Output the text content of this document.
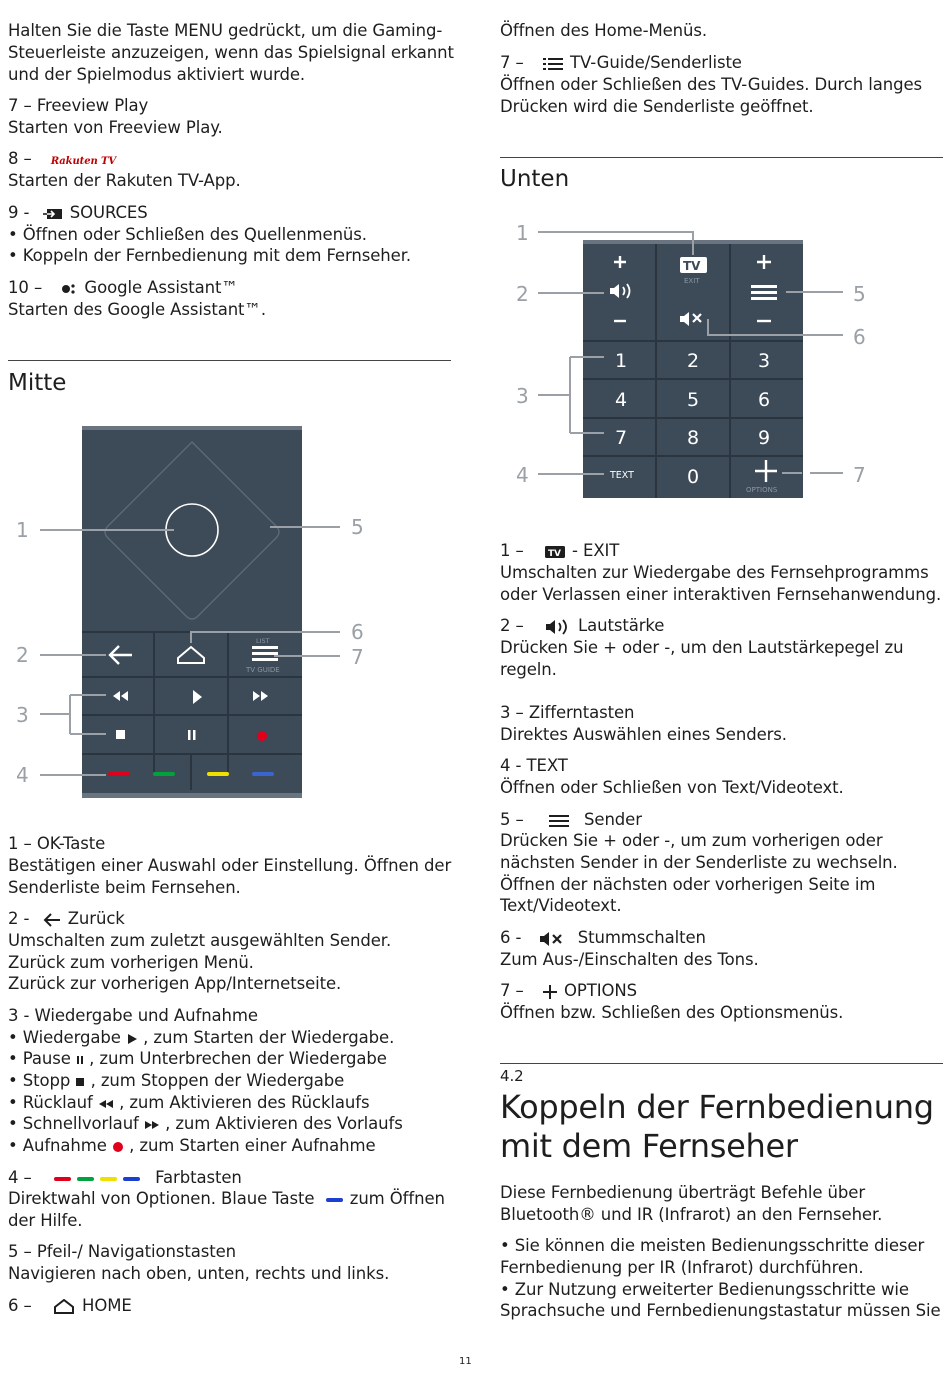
Halten Sie die Taste MENU gedrückt, um die Gaming-
Steuerleiste anzuzeigen, wenn das Spielsignal erkannt
und der Spielmodus aktiviert wurde.
7 – Freeview Play
Starten von Freeview Play.
8 – Rakuten TV
Starten der Rakuten TV-App.
9 - SOURCES
• Öffnen oder Schließen des Quellenmenüs.
• Koppeln der Fernbedienung mit dem Fernseher.
10 –	Google Assistant™
Starten des Google Assistant™.
Mitte
LIST
TV GUIDE
1
2
3
4
5
6
7
1 – OK-Taste
Bestätigen einer Auswahl oder Einstellung. Öffnen der
Senderliste beim Fernsehen.
2 - Zurück
Umschalten zum zuletzt ausgewählten Sender.
Zurück zum vorherigen Menü.
Zurück zur vorherigen App/Internetseite.
3 - Wiedergabe und Aufnahme
• Wiedergabe  , zum Starten der Wiedergabe.
• Pause  , zum Unterbrechen der Wiedergabe
• Stopp  , zum Stoppen der Wiedergabe
• Rücklauf , zum Aktivieren des Rücklaufs
• Schnellvorlauf  , zum Aktivieren des Vorlaufs
• Aufnahme  , zum Starten einer Aufnahme
4 –	Farbtasten
Direktwahl von Optionen. Blaue Taste  zum Öffnen
der Hilfe.
5 – Pfeil-/ Navigationstasten
Navigieren nach oben, unten, rechts und links.
6 –	HOME
Öffnen des Home-Menüs.
7 –	TV-Guide/Senderliste
Öffnen oder Schließen des TV-Guides. Durch langes
Drücken wird die Senderliste geöffnet.
Unten
TV
EXIT
1	2	3
4	5	6
7	8	9
0
TEXT
OPTIONS
1
2
3
4
5
6
7
1 –	TV - EXIT
Umschalten zur Wiedergabe des Fernsehprogramms
oder Verlassen einer interaktiven Fernsehanwendung.
2 –	Lautstärke
Drücken Sie + oder -, um den Lautstärkepegel zu
regeln.
3 – Zifferntasten
Direktes Auswählen eines Senders.
4 - TEXT
Öffnen oder Schließen von Text/Videotext.
5 –	Sender
Drücken Sie + oder -, um zum vorherigen oder
nächsten Sender in der Senderliste zu wechseln.
Öffnen der nächsten oder vorherigen Seite im
Text/Videotext.
6 -	Stummschalten
Zum Aus-/Einschalten des Tons.
7 – OPTIONS
Öffnen bzw. Schließen des Optionsmenüs.
4.2
Koppeln der Fernbedienung
mit dem Fernseher
Diese Fernbedienung überträgt Befehle über
Bluetooth® und IR (Infrarot) an den Fernseher.
• Sie können die meisten Bedienungsschritte dieser
Fernbedienung per IR (Infrarot) durchführen.
• Zur Nutzung erweiterter Bedienungsschritte wie
Sprachsuche und Fernbedienungstastatur müssen Sie
11
